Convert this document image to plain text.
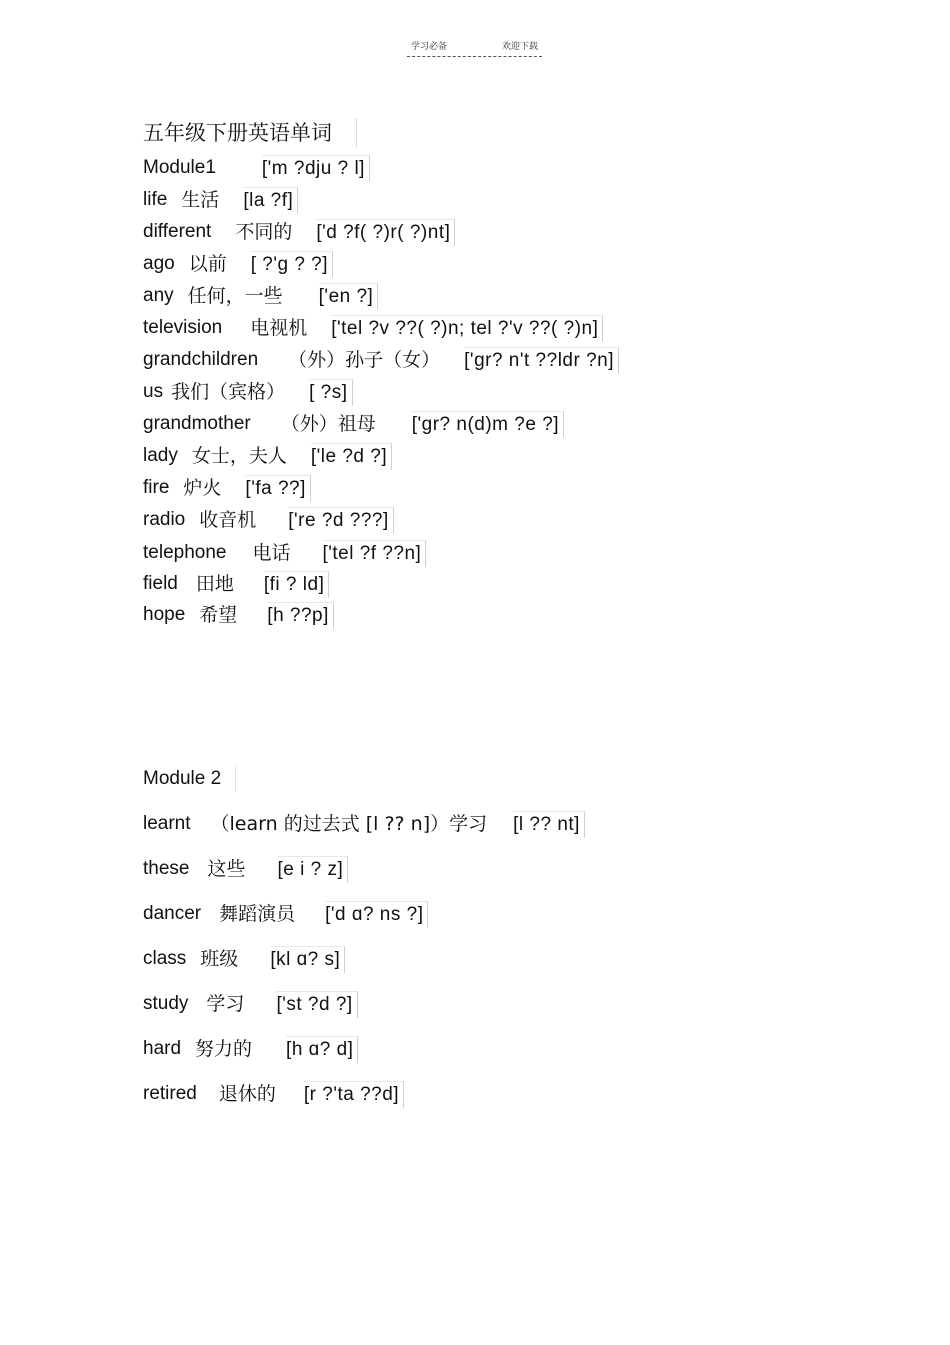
学习必备	欢迎下载
五年级下册英语单词
Module1 ['m ?dju ? l]
life 生活 [la ?f]
different 不同的 ['d ?f( ?)r( ?)nt]
ago 以前 [ ?'g ? ?]
any 任何，一些 ['en ?]
television 电视机 ['tel ?v ??( ?)n; tel ?'v ??( ?)n]
grandchildren （外）孙子（女） ['gr? n't ??ldr ?n]
us 我们（宾格） [ ?s]
grandmother （外）祖母 ['gr? n(d)m ?e ?]
lady 女士，夫人 ['le ?d ?]
fire 炉火 ['fa ??]
radio 收音机 ['re ?d ???]
telephone 电话 ['tel ?f ??n]
field 田地 [fi ? ld]
hope 希望 [h ??p]
Module 2
learnt （learn 的过去式 [l ?? n]）学习 [l ?? nt]
these 这些 [e i ? z]
dancer 舞蹈演员 ['d ɑ? ns ?]
class 班级 [kl ɑ? s]
study 学习 ['st ?d ?]
hard 努力的 [h ɑ? d]
retired 退休的 [r ?'ta ??d]
